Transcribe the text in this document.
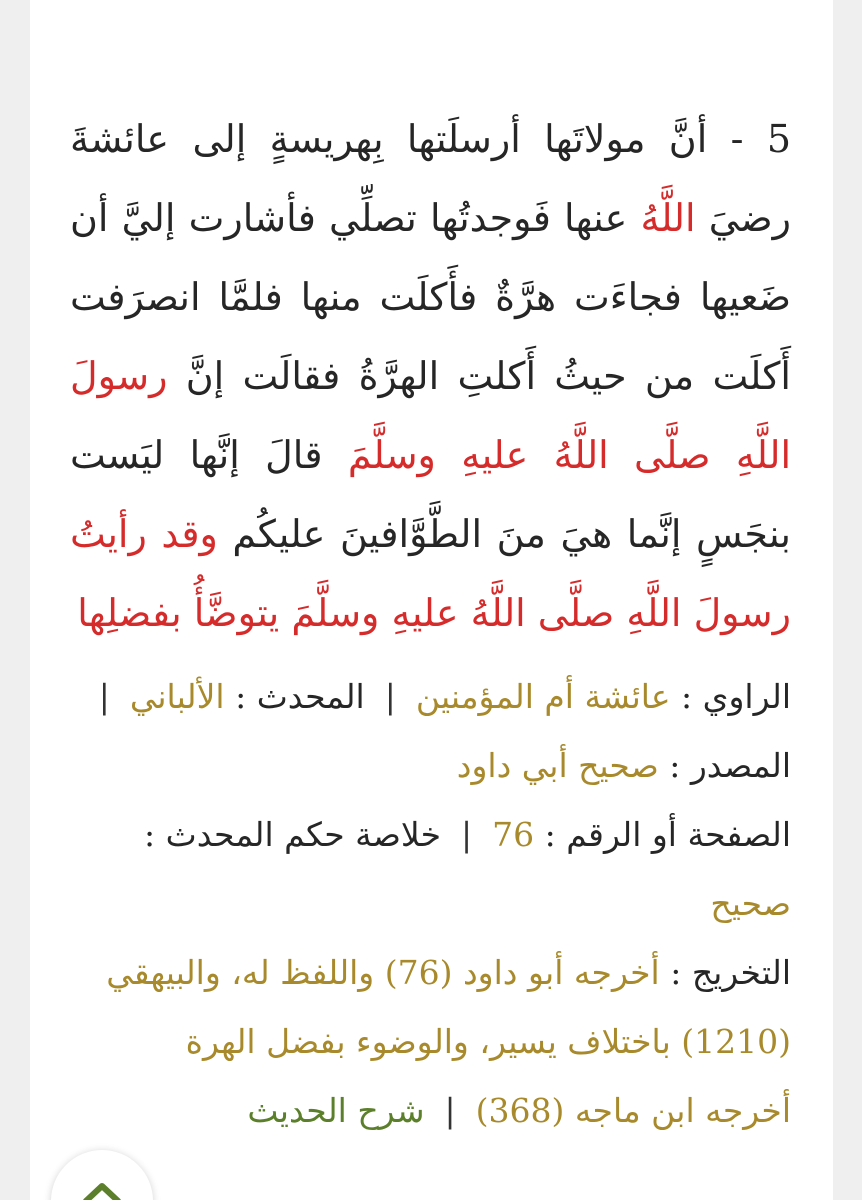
5 - أنَّ مولاتَها أرسلَتها بِهريسةٍ إلى عائشةَ رضيَ اللَّهُ عنها فَوجدتُها تصلِّي فأشارت إليَّ أن ضَعيها فجاءَت هرَّةٌ فأَكلَت منها فلمَّا انصرَفت أَكلَت من حيثُ أَكلتِ الهرَّةُ فقالَت إنَّ رسولَ اللَّهِ صلَّى اللَّهُ عليهِ وسلَّمَ قالَ إنَّها ليَست بنجَسٍ إنَّما هيَ منَ الطَّوَّافينَ عليكُم وقد رأيتُ رسولَ اللَّهِ صلَّى اللَّهُ عليهِ وسلَّمَ يتوضَّأُ بفضلِها
الراوي : عائشة أم المؤمنين|المحدث : الألباني|
المصدر : صحيح أبي داود
الصفحة أو الرقم : 76|خلاصة حكم المحدث :
صحيح
التخريج : أخرجه أبو داود (76) واللفظ له، والبيهقي
(1210) باختلاف يسير، والوضوء بفضل الهرة
أخرجه ابن ماجه (368)|شرح الحديث
